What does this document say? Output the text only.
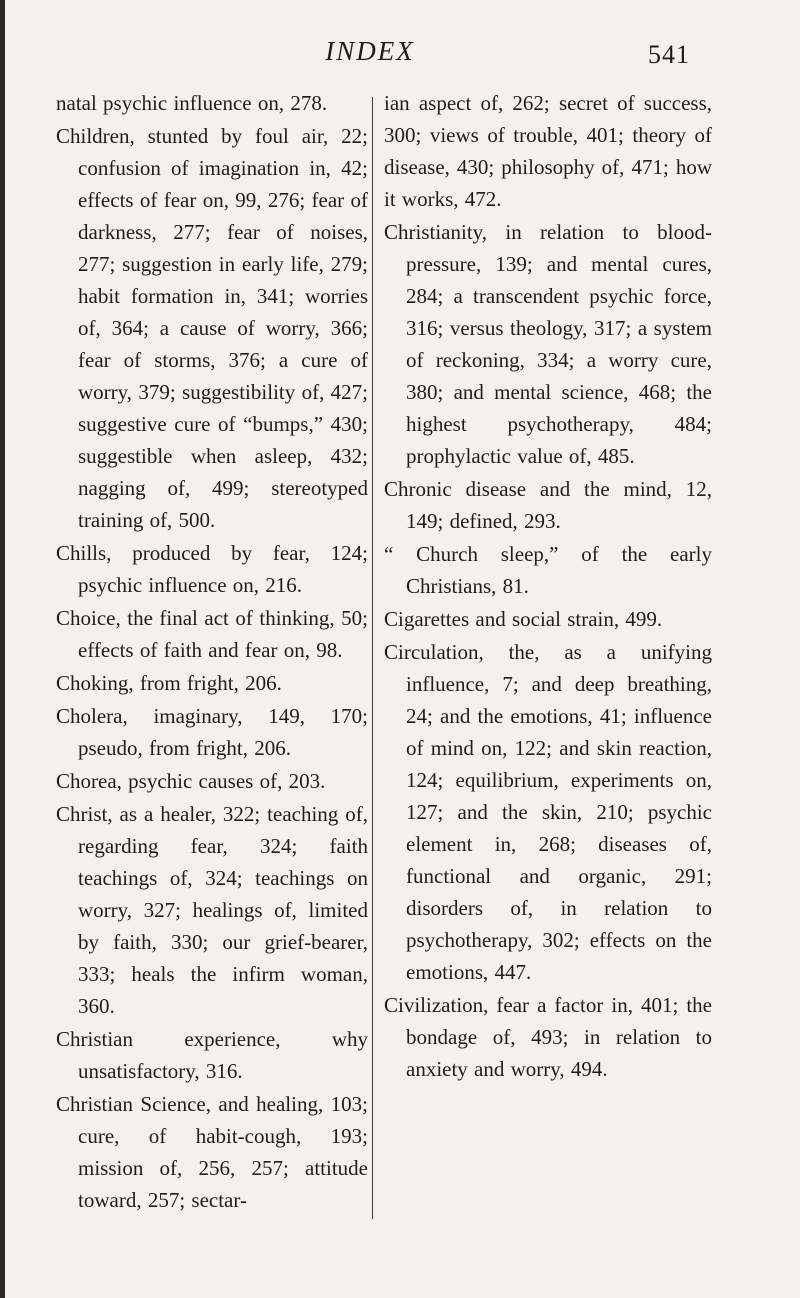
INDEX	541

natal psychic influence on, 278.

Children, stunted by foul air, 22; confusion of imagination in, 42; effects of fear on, 99, 276; fear of darkness, 277; fear of noises, 277; suggestion in early life, 279; habit formation in, 341; worries of, 364; a cause of worry, 366; fear of storms, 376; a cure of worry, 379; suggestibility of, 427; suggestive cure of “bumps,” 430; suggestible when asleep, 432; nagging of, 499; stereotyped training of, 500.

Chills, produced by fear, 124; psychic influence on, 216.

Choice, the final act of thinking, 50; effects of faith and fear on, 98.

Choking, from fright, 206.

Cholera, imaginary, 149, 170; pseudo, from fright, 206.

Chorea, psychic causes of, 203.

Christ, as a healer, 322; teaching of, regarding fear, 324; faith teachings of, 324; teachings on worry, 327; healings of, limited by faith, 330; our grief-bearer, 333; heals the infirm woman, 360.

Christian experience, why unsatisfactory, 316.

Christian Science, and healing, 103; cure, of habit-cough, 193; mission of, 256, 257; attitude toward, 257; sectar-

ian aspect of, 262; secret of success, 300; views of trouble, 401; theory of disease, 430; philosophy of, 471; how it works, 472.

Christianity, in relation to blood-pressure, 139; and mental cures, 284; a transcendent psychic force, 316; versus theology, 317; a system of reckoning, 334; a worry cure, 380; and mental science, 468; the highest psychotherapy, 484; prophylactic value of, 485.

Chronic disease and the mind, 12, 149; defined, 293.

“ Church sleep,” of the early Christians, 81.

Cigarettes and social strain, 499.

Circulation, the, as a unifying influence, 7; and deep breathing, 24; and the emotions, 41; influence of mind on, 122; and skin reaction, 124; equilibrium, experiments on, 127; and the skin, 210; psychic element in, 268; diseases of, functional and organic, 291; disorders of, in relation to psychotherapy, 302; effects on the emotions, 447.

Civilization, fear a factor in, 401; the bondage of, 493; in relation to anxiety and worry, 494.
